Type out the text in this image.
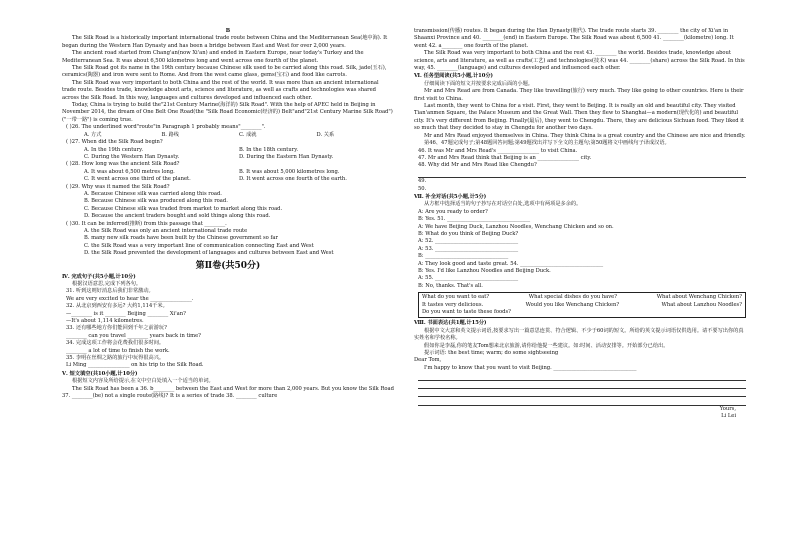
B

The Silk Road is a historically important international trade route between China and the Mediterranean Sea(地中海). It began during the Western Han Dynasty and has been a bridge between East and West for over 2,000 years.

The ancient road started from Chang'an(now Xi'an) and ended in Eastern Europe, near today's Turkey and the Mediterranean Sea. It was about 6,500 kilometres long and went across one fourth of the planet.

The Silk Road got its name in the 19th century because Chinese silk used to be carried along this road. Silk, jade(玉石), ceramics(陶器) and iron were sent to Rome. And from the west came glass, gems(宝石) and food like carrots.

The Silk Road was very important to both China and the rest of the world. It was more than an ancient international trade route. Besides trade, knowledge about arts, science and literature, as well as crafts and technologies was shared across the Silk Road. In this way, languages and cultures developed and influenced each other.

Today, China is trying to build the"21st Century Marine(海洋的) Silk Road". With the help of APEC held in Beijing in November 2014, the dream of One Belt One Road(the "Silk Road Economic(经济的) Belt"and"21st Century Marine Silk Road")("一带一路") is coming true.

( )26. The underlined word"route"in Paragraph 1 probably means"________".

A. 方式	B. 路线	C. 成就	D. 关系

( )27. When did the Silk Road begin?

A. In the 19th century.	B. In the 18th century.
C. During the Western Han Dynasty.	D. During the Eastern Han Dynasty.

( )28. How long was the ancient Silk Road?

A. It was about 6,500 metres long.	B. It was about 5,000 kilometres long.
C. It went across one third of the planet.	D. It went across one fourth of the earth.

( )29. Why was it named the Silk Road?

A. Because Chinese silk was carried along this road.

B. Because Chinese silk was produced along this road.

C. Because Chinese silk was traded from market to market along this road.

D. Because the ancient traders bought and sold things along this road.

( )30. It can be inferred(推断) from this passage that ________.

A. the Silk Road was only an ancient international trade route

B. many new silk roads have been built by the Chinese government so far

C. the Silk Road was a very important line of communication connecting East and West

D. the Silk Road prevented the development of languages and cultures between East and West

第Ⅱ卷(共50分)

Ⅳ. 完成句子(共5小题,计10分)

根据汉语意思,完成下列各句。

31. 听到这则好消息后我们非常激动。

We are very excited to hear the ________________.

32. 从北京到西安有多远? 大约1,114千米。

—________ is it ________ Beijing ________ Xi'an?

—It's about 1,114 kilometres.

33. 还有哪些地方你们能回到千年之前游玩?

________ can you travel ________ years back in time?

34. 完成这项工作将会花费我们很多时间。

________ a lot of time to finish the work.

35. 李明在丝绸之路的旅行中玩得很高兴。

Li Ming ________________ on his trip to the Silk Road.

Ⅴ. 短文填空(共10小题,计10分)

根据短文内容及所给提示,在文中空白处填入一个适当的单词。

The Silk Road has been a 36. b________ between the East and West for more than 2,000 years. But you know the Silk Road 37. ________(be) not a single route(路线)? It is a series of trade 38. ________ culture

transmission(传播) routes. It began during the Han Dynasty(朝代). The trade route starts 39. ________ the city of Xi'an in Shaanxi Province and 40. ________(end) in Eastern Europe. The Silk Road was about 6,500 41. ________(kilometre) long. It went 42. a________ one fourth of the planet.

The Silk Road was very important to both China and the rest 43. ________ the world. Besides trade, knowledge about science, arts and literature, as well as crafts(工艺) and technologies(技术) was 44. ________(share) across the Silk Road. In this way, 45. ________(language) and cultures developed and influenced each other.

Ⅵ. 任务型阅读(共5小题,计10分)

仔细阅读下面的短文并按要求完成后面的小题。

Mr and Mrs Read are from Canada. They like travelling(旅行) very much. They like going to other countries. Here is their first visit to China.

Last month, they went to China for a visit. First, they went to Beijing. It is really an old and beautiful city. They visited Tian'anmen Square, the Palace Museum and the Great Wall. Then they flew to Shanghai—a modern(现代化的) and beautiful city. It's very different from Beijing. Finally(最后), they went to Chengdu. There, they are delicious Sichuan food. They liked it so much that they decided to stay in Chengdu for another two days.

Mr and Mrs Read enjoyed themselves in China. They think China is a great country and the Chinese are nice and friendly.

第46、47题完成句子;第48题回答问题;第49题找出并写下全文的主题句;第50题将文中画线句子译成汉语。

46. It was Mr and Mrs Read's ________________ to visit China.

47. Mr and Mrs Read think that Beijing is an ________________ city.

48. Why did Mr and Mrs Read like Chengdu?

49.

50.

Ⅶ. 补全对话(共5小题,计5分)

从方框中选择适当的句子抄写在对话空白处,选项中有两项是多余的。

A: Are you ready to order?

B: Yes. 51. ________________________________

A: We have Beijing Duck, Lanzhou Noodles, Wenchang Chicken and so on.

B: What do you think of Beijing Duck?

A: 52. ________________________________

A: 53. ________________________________

B: ________________________________

A: They look good and taste great. 54. ________________________________

B: Yes. I'd like Lanzhou Noodles and Beijing Duck.

A: 55. ________________________________

B: No, thanks. That's all.

What do you want to eat?	What special dishes do you have?	What about Wenchang Chicken?
It tastes very delicious.	Would you like Wenchang Chicken?	What about Lanzhou Noodles?
Do you want to taste these foods?

Ⅷ. 书面表达(共1题,计15分)

根据中文大意和英文提示词语,按要求写出一篇意思连贯、符合逻辑、不少于60词的短文。所给的英文提示词语仅供选用。请不要写出你的真实姓名和学校名称。

假如你是李磊,你的笔友Tom想来北京旅游,请你给他提一些建议。如:时间、活动安排等。开始部分已给出。

提示词语: the best time; warm; do some sightseeing

Dear Tom,

I'm happy to know that you want to visit Beijing. ________________________________

Yours,

Li Lei
